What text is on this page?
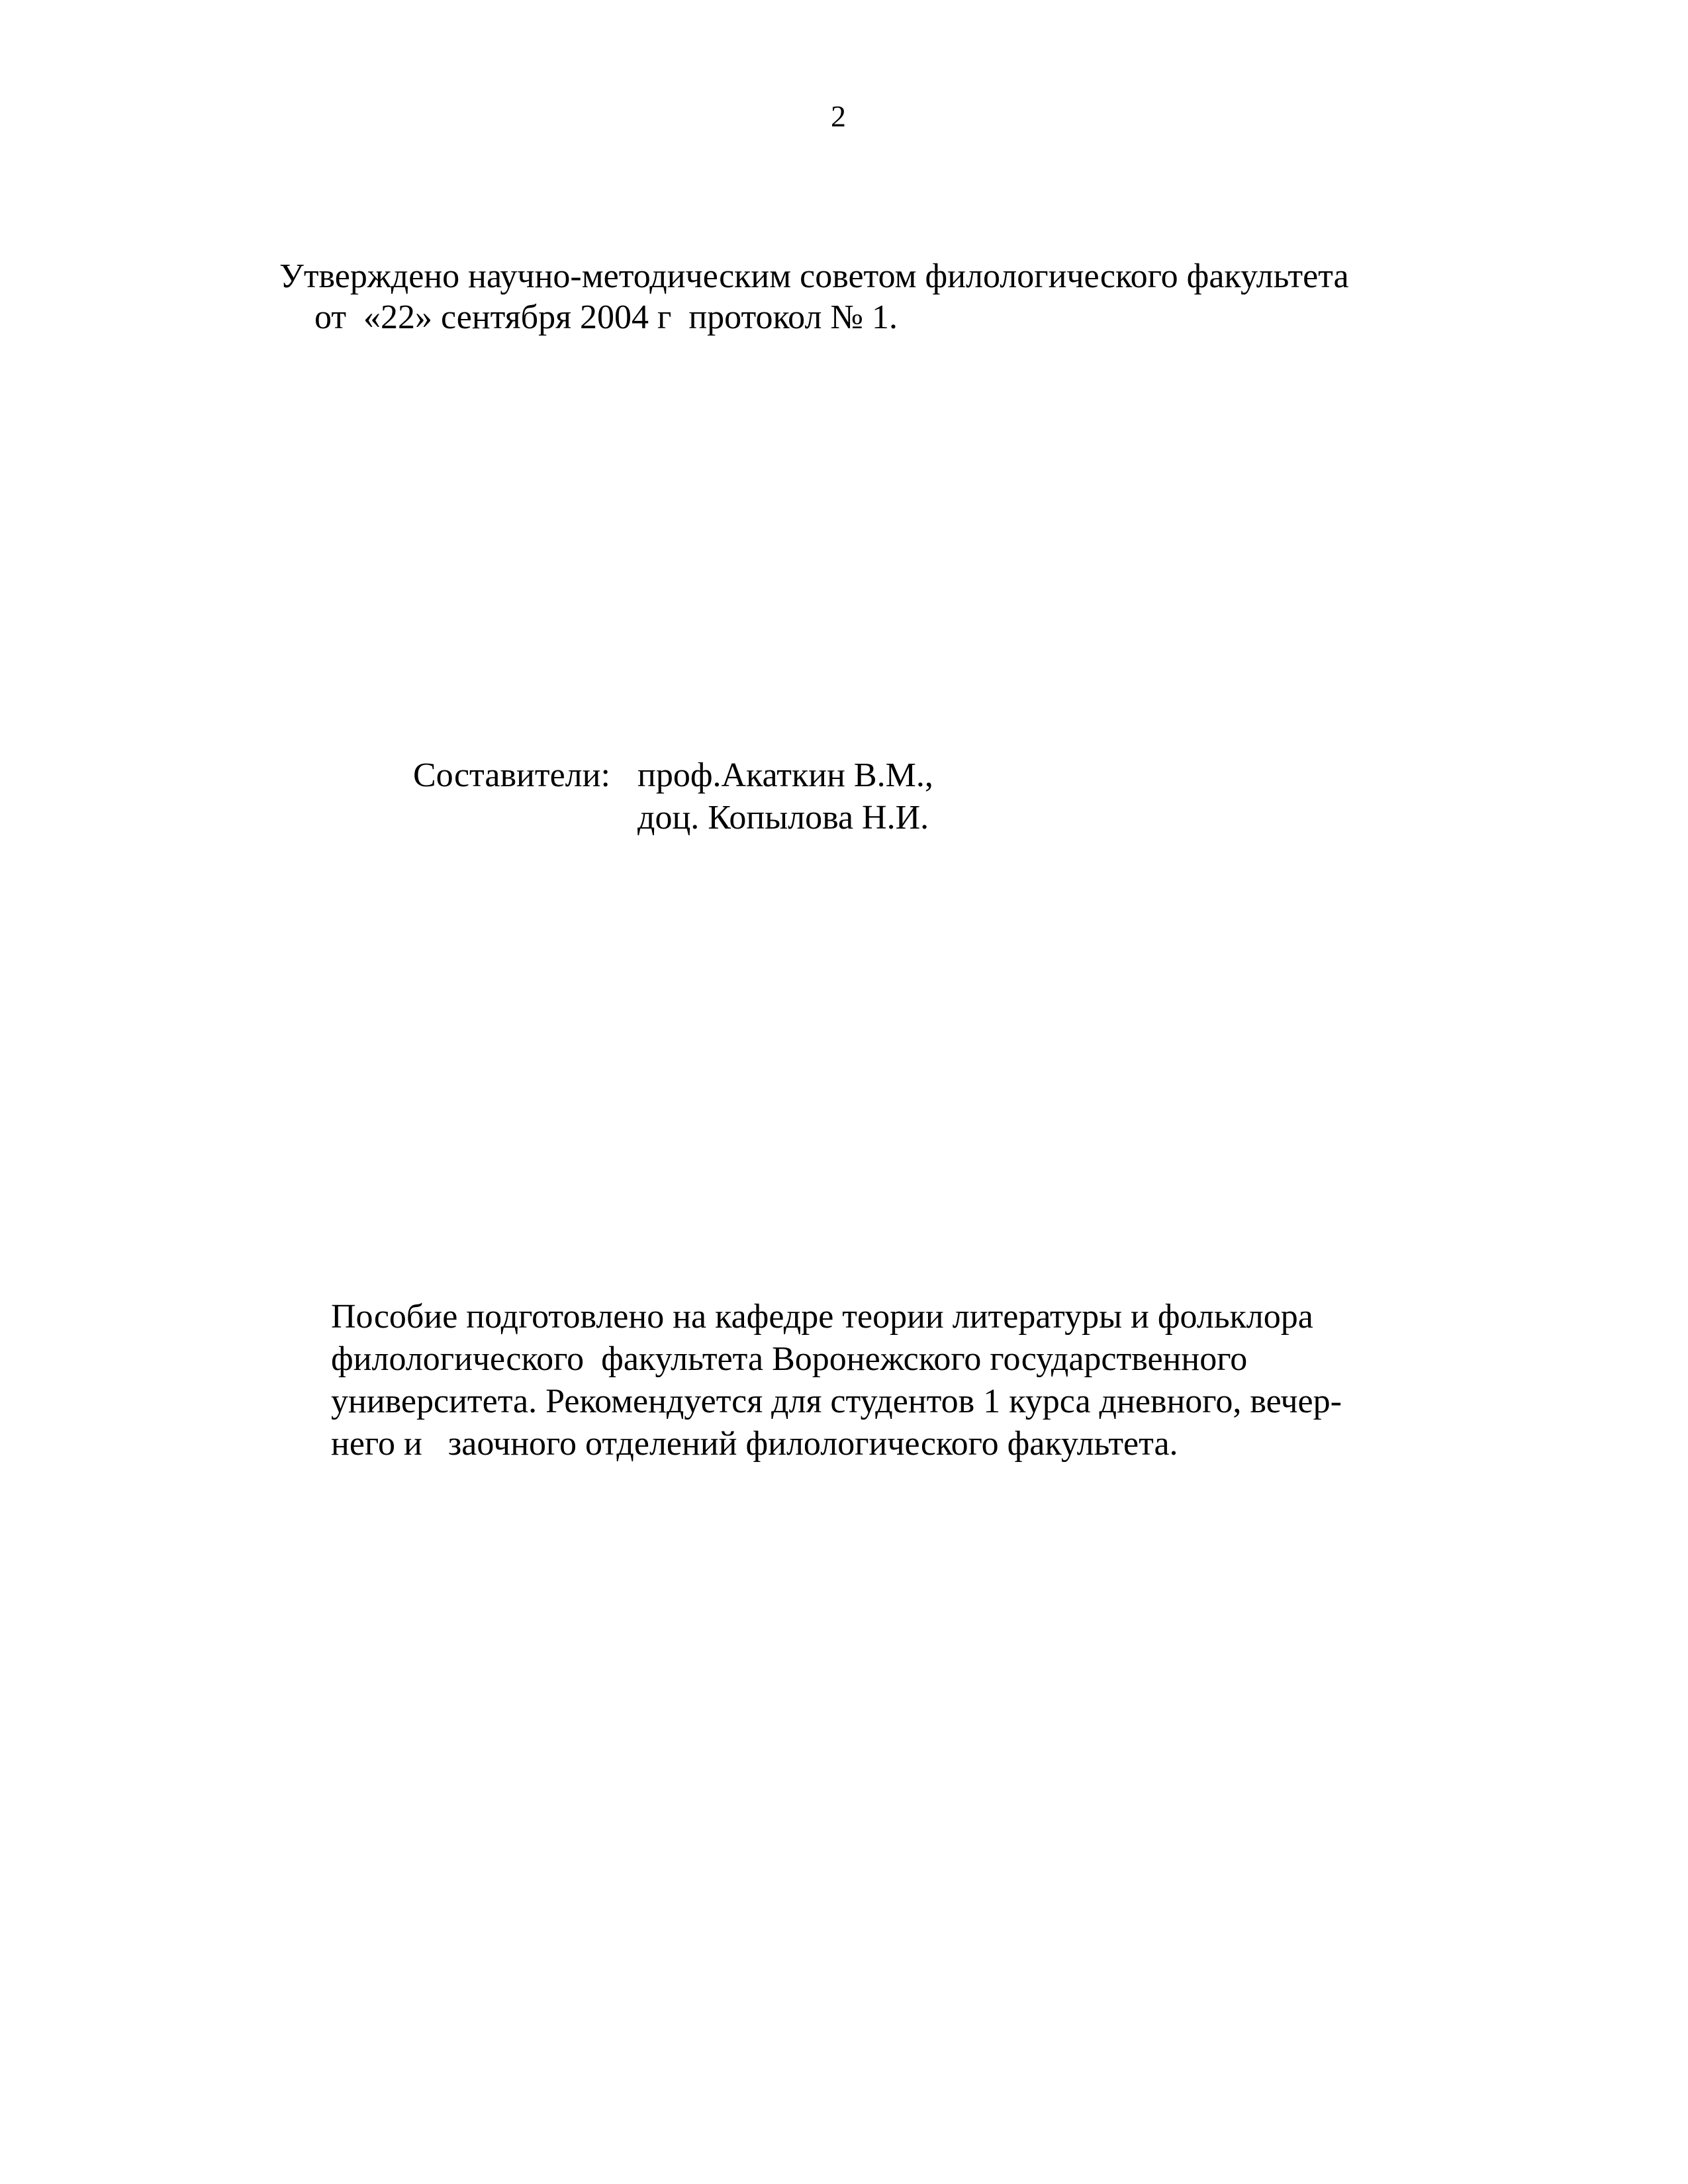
2
Утверждено научно-методическим советом филологического факультета
от  «22» сентября 2004 г  протокол № 1.
Составители: проф.Акаткин В.М.,
доц. Копылова Н.И.
Пособие подготовлено на кафедре теории литературы и фольклора
филологического  факультета Воронежского государственного
университета. Рекомендуется для студентов 1 курса дневного, вечер-
него и   заочного отделений филологического факультета.
